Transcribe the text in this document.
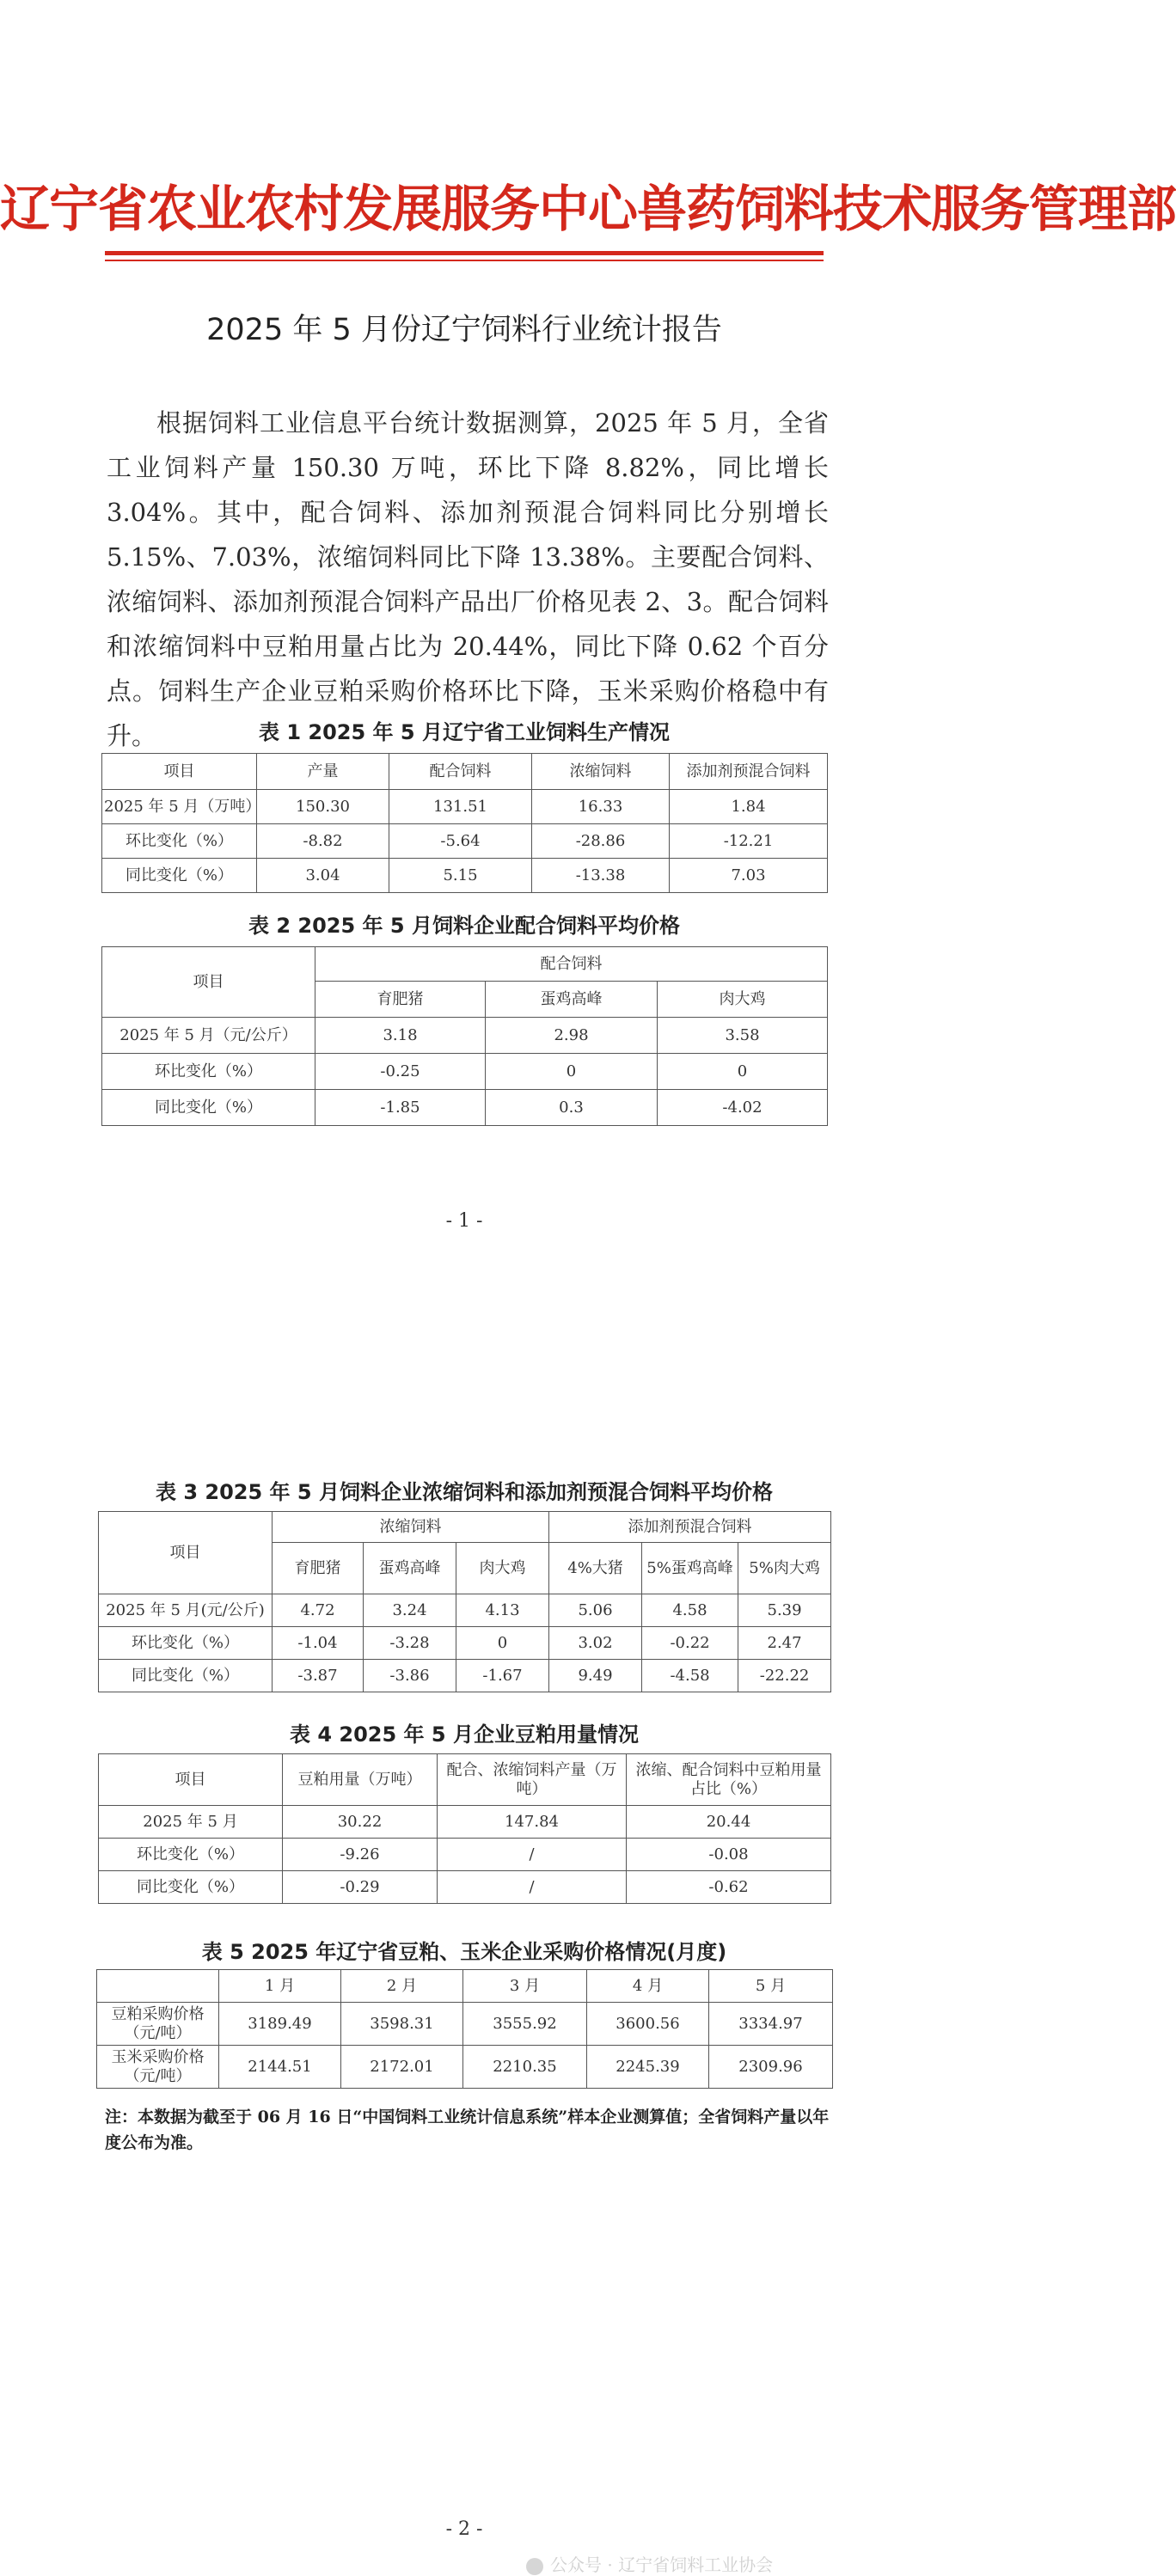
辽宁省农业农村发展服务中心兽药饲料技术服务管理部
2025 年 5 月份辽宁饲料行业统计报告
根据饲料工业信息平台统计数据测算，2025 年 5 月，全省工业饲料产量 150.30 万吨，环比下降 8.82%，同比增长 3.04%。其中，配合饲料、添加剂预混合饲料同比分别增长 5.15%、7.03%，浓缩饲料同比下降 13.38%。主要配合饲料、浓缩饲料、添加剂预混合饲料产品出厂价格见表 2、3。配合饲料和浓缩饲料中豆粕用量占比为 20.44%，同比下降 0.62 个百分点。饲料生产企业豆粕采购价格环比下降，玉米采购价格稳中有升。	表 1 2025 年 5 月辽宁省工业饲料生产情况
项目	产量	配合饲料	浓缩饲料	添加剂预混合饲料
2025 年 5 月（万吨）	150.30	131.51	16.33	1.84
环比变化（%）	-8.82	-5.64	-28.86	-12.21
同比变化（%）	3.04	5.15	-13.38	7.03
表 2 2025 年 5 月饲料企业配合饲料平均价格
项目	配合饲料		
	育肥猪	蛋鸡高峰	肉大鸡
2025 年 5 月（元/公斤）	3.18	2.98	3.58
环比变化（%）	-0.25	0	0
同比变化（%）	-1.85	0.3	-4.02
- 1 -
表 3 2025 年 5 月饲料企业浓缩饲料和添加剂预混合饲料平均价格
项目	浓缩饲料			添加剂预混合饲料		
	育肥猪	蛋鸡高峰	肉大鸡	4%大猪	5%蛋鸡高峰	5%肉大鸡
2025 年 5 月(元/公斤)	4.72	3.24	4.13	5.06	4.58	5.39
环比变化（%）	-1.04	-3.28	0	3.02	-0.22	2.47
同比变化（%）	-3.87	-3.86	-1.67	9.49	-4.58	-22.22
表 4 2025 年 5 月企业豆粕用量情况
项目	豆粕用量（万吨）	配合、浓缩饲料产量（万吨）	浓缩、配合饲料中豆粕用量占比（%）
2025 年 5 月	30.22	147.84	20.44
环比变化（%）	-9.26	/	-0.08
同比变化（%）	-0.29	/	-0.62
表 5 2025 年辽宁省豆粕、玉米企业采购价格情况(月度)
	1 月	2 月	3 月	4 月	5 月
豆粕采购价格（元/吨）	3189.49	3598.31	3555.92	3600.56	3334.97
玉米采购价格（元/吨）	2144.51	2172.01	2210.35	2245.39	2309.96
注：本数据为截至于 06 月 16 日“中国饲料工业统计信息系统”样本企业测算值；全省饲料产量以年度公布为准。
- 2 -
公众号 · 辽宁省饲料工业协会
